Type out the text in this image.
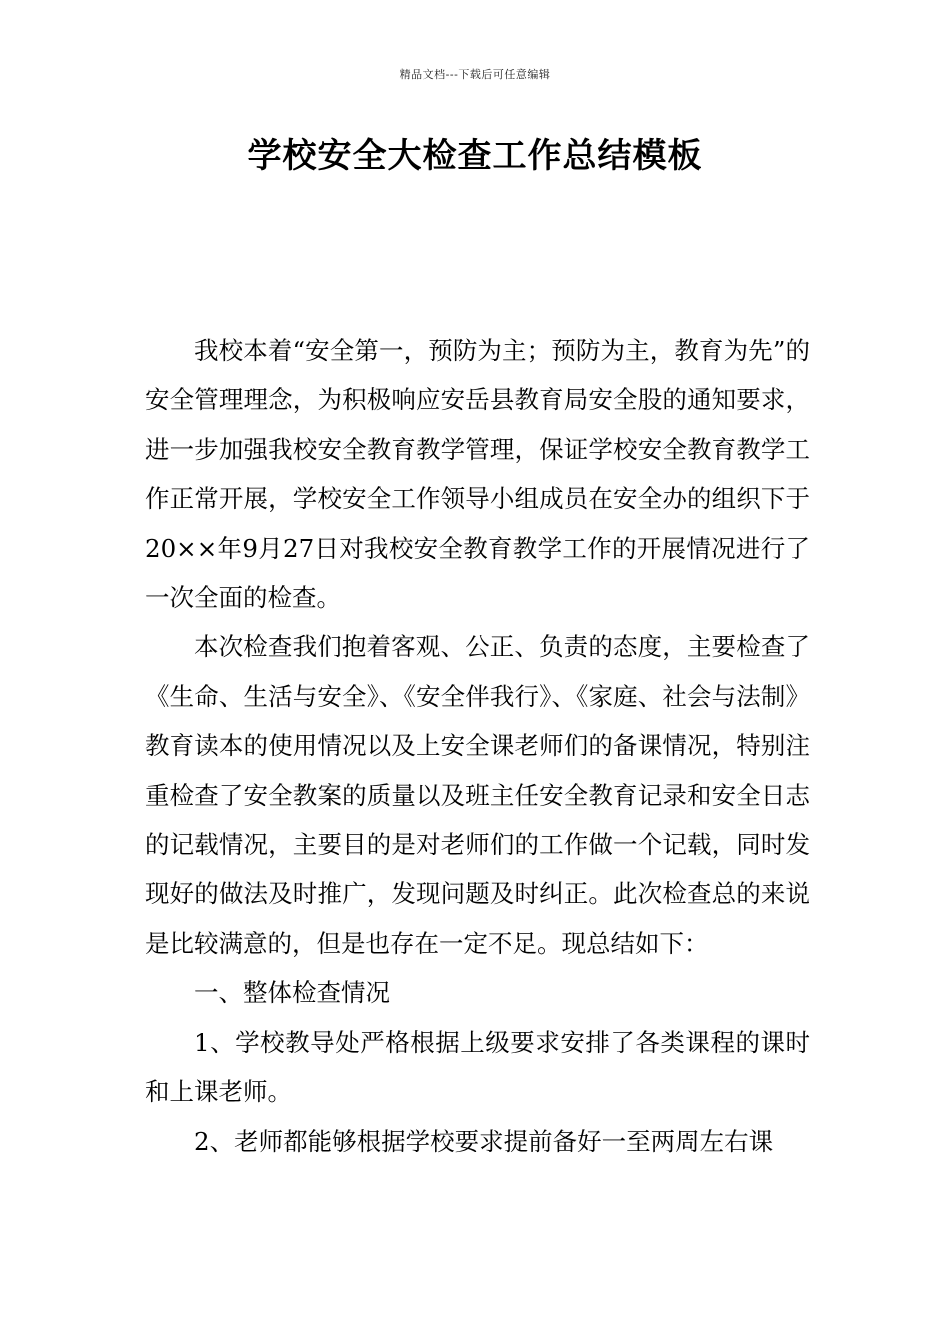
精品文档---下载后可任意编辑
学校安全大检查工作总结模板

我校本着“安全第一，预防为主；预防为主，教育为先”的安全管理理念，为积极响应安岳县教育局安全股的通知要求，进一步加强我校安全教育教学管理，保证学校安全教育教学工作正常开展，学校安全工作领导小组成员在安全办的组织下于20××年9月27日对我校安全教育教学工作的开展情况进行了一次全面的检查。

本次检查我们抱着客观、公正、负责的态度，主要检查了《生命、生活与安全》、《安全伴我行》、《家庭、社会与法制》教育读本的使用情况以及上安全课老师们的备课情况，特别注重检查了安全教案的质量以及班主任安全教育记录和安全日志的记载情况，主要目的是对老师们的工作做一个记载，同时发现好的做法及时推广，发现问题及时纠正。此次检查总的来说是比较满意的，但是也存在一定不足。现总结如下：

一、整体检查情况

1、学校教导处严格根据上级要求安排了各类课程的课时和上课老师。

2、老师都能够根据学校要求提前备好一至两周左右课
